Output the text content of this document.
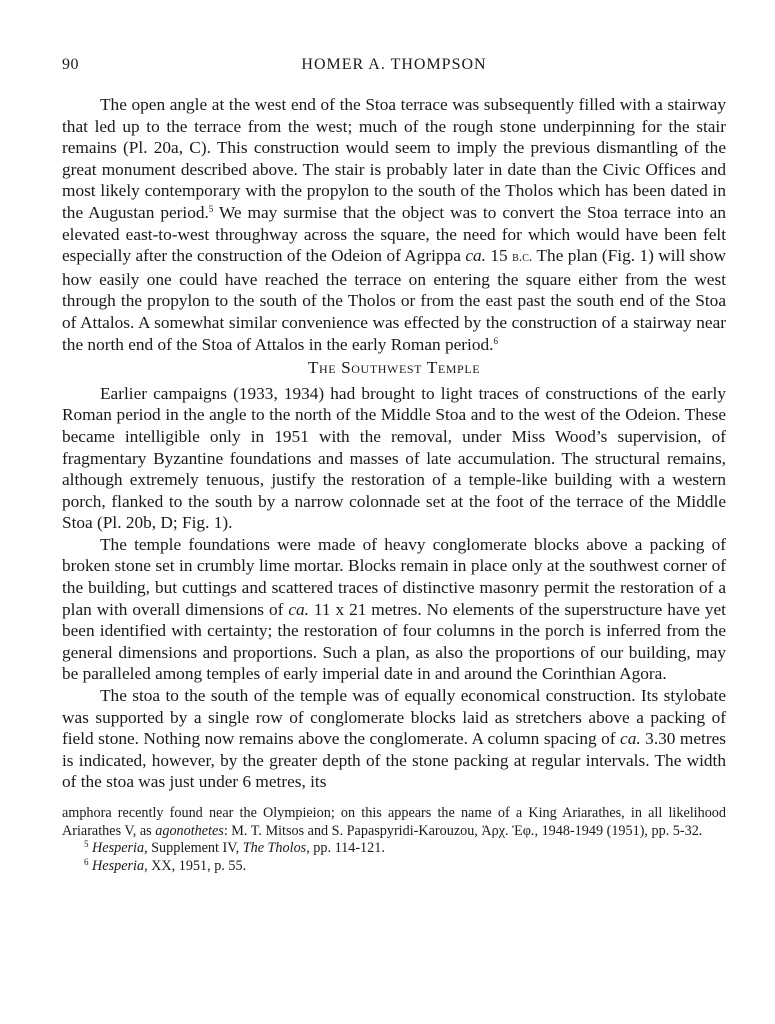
90	HOMER A. THOMPSON

The open angle at the west end of the Stoa terrace was subsequently filled with a stairway that led up to the terrace from the west; much of the rough stone underpinning for the stair remains (Pl. 20a, C). This construction would seem to imply the previous dismantling of the great monument described above. The stair is probably later in date than the Civic Offices and most likely contemporary with the propylon to the south of the Tholos which has been dated in the Augustan period.$^5$ We may surmise that the object was to convert the Stoa terrace into an elevated east-to-west throughway across the square, the need for which would have been felt especially after the construction of the Odeion of Agrippa ca. 15 b.c. The plan (Fig. 1) will show how easily one could have reached the terrace on entering the square either from the west through the propylon to the south of the Tholos or from the east past the south end of the Stoa of Attalos. A somewhat similar convenience was effected by the construction of a stairway near the north end of the Stoa of Attalos in the early Roman period.$^6$

The Southwest Temple

Earlier campaigns (1933, 1934) had brought to light traces of constructions of the early Roman period in the angle to the north of the Middle Stoa and to the west of the Odeion. These became intelligible only in 1951 with the removal, under Miss Wood’s supervision, of fragmentary Byzantine foundations and masses of late accumulation. The structural remains, although extremely tenuous, justify the restoration of a temple-like building with a western porch, flanked to the south by a narrow colonnade set at the foot of the terrace of the Middle Stoa (Pl. 20b, D; Fig. 1).

The temple foundations were made of heavy conglomerate blocks above a packing of broken stone set in crumbly lime mortar. Blocks remain in place only at the southwest corner of the building, but cuttings and scattered traces of distinctive masonry permit the restoration of a plan with overall dimensions of ca. 11 x 21 metres. No elements of the superstructure have yet been identified with certainty; the restoration of four columns in the porch is inferred from the general dimensions and proportions. Such a plan, as also the proportions of our building, may be paralleled among temples of early imperial date in and around the Corinthian Agora.

The stoa to the south of the temple was of equally economical construction. Its stylobate was supported by a single row of conglomerate blocks laid as stretchers above a packing of field stone. Nothing now remains above the conglomerate. A column spacing of ca. 3.30 metres is indicated, however, by the greater depth of the stone packing at regular intervals. The width of the stoa was just under 6 metres, its

amphora recently found near the Olympieion; on this appears the name of a King Ariarathes, in all likelihood Ariarathes V, as agonothetes: M. T. Mitsos and S. Papaspyridi-Karouzou, Ἀρχ. Ἐφ., 1948-1949 (1951), pp. 5-32.

$^5$ Hesperia, Supplement IV, The Tholos, pp. 114-121.

$^6$ Hesperia, XX, 1951, p. 55.
